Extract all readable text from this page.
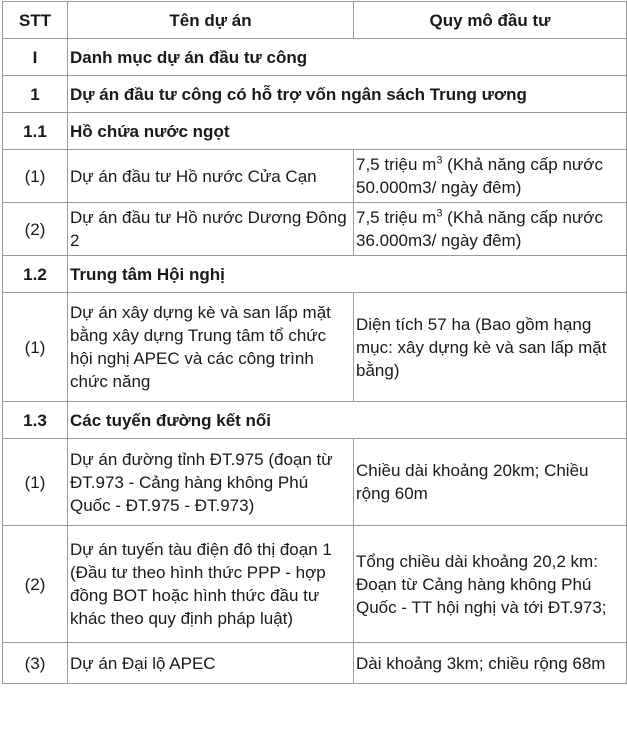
STT	Tên dự án	Quy mô đầu tư
I	Danh mục dự án đầu tư công	
1	Dự án đầu tư công có hỗ trợ vốn ngân sách Trung ương	
1.1	Hồ chứa nước ngọt	
(1)	Dự án đầu tư Hồ nước Cửa Cạn	7,5 triệu $m^3$ (Khả năng cấp nước 50.000m3/ ngày đêm)
(2)	Dự án đầu tư Hồ nước Dương Đông 2	7,5 triệu $m^3$ (Khả năng cấp nước 36.000m3/ ngày đêm)
1.2	Trung tâm Hội nghị	
(1)	Dự án xây dựng kè và san lấp mặt bằng xây dựng Trung tâm tổ chức hội nghị APEC và các công trình chức năng	Diện tích 57 ha (Bao gồm hạng mục: xây dựng kè và san lấp mặt bằng)
1.3	Các tuyến đường kết nối	
(1)	Dự án đường tỉnh ĐT.975 (đoạn từ ĐT.973 - Cảng hàng không Phú Quốc - ĐT.975 - ĐT.973)	Chiều dài khoảng 20km; Chiều rộng 60m
(2)	Dự án tuyến tàu điện đô thị đoạn 1 (Đầu tư theo hình thức PPP - hợp đồng BOT hoặc hình thức đầu tư khác theo quy định pháp luật)	Tổng chiều dài khoảng 20,2 km: Đoạn từ Cảng hàng không Phú Quốc - TT hội nghị và tới ĐT.973;
(3)	Dự án Đại lộ APEC	Dài khoảng 3km; chiều rộng 68m
